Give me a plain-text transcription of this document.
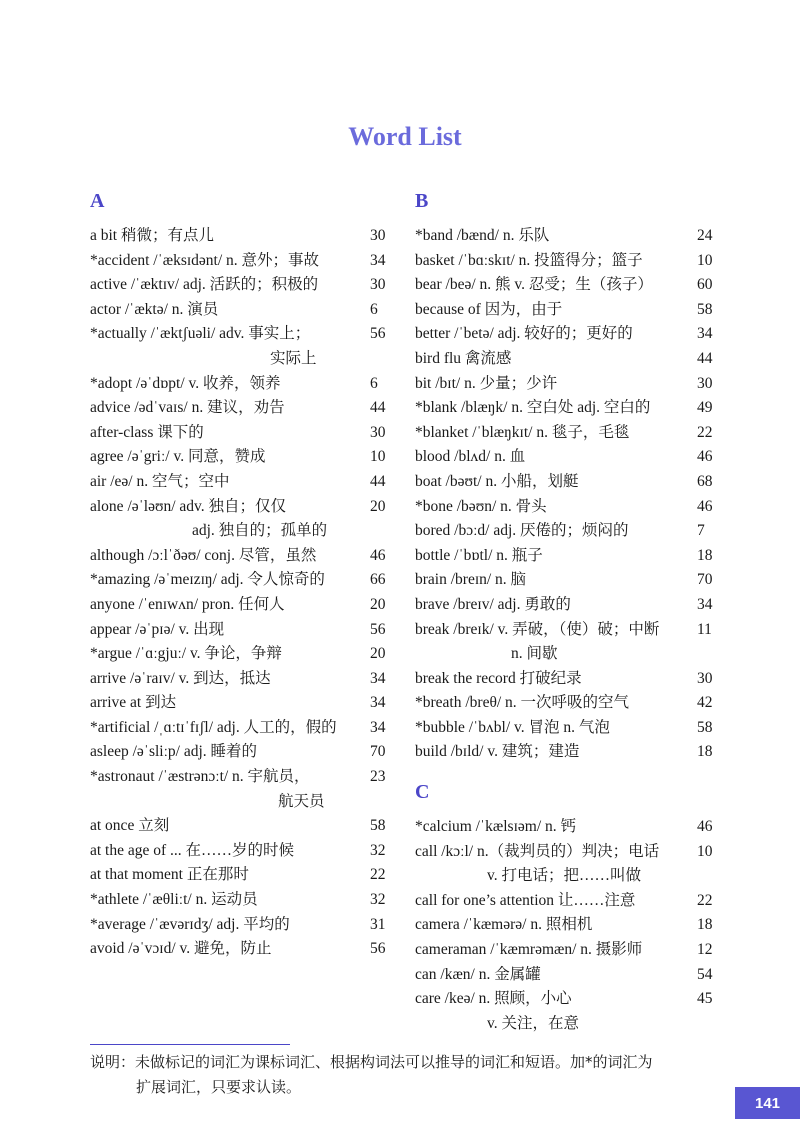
Word List
A
a bit 稍微；有点儿	30
*accident /ˈæksɪdənt/ n. 意外；事故	34
active /ˈæktɪv/ adj. 活跃的；积极的	30
actor /ˈæktə/ n. 演员	6
*actually /ˈæktʃuəli/ adv. 事实上；	56
实际上
*adopt /əˈdɒpt/ v. 收养，领养	6
advice /ədˈvaɪs/ n. 建议，劝告	44
after-class 课下的	30
agree /əˈgriː/ v. 同意，赞成	10
air /eə/ n. 空气；空中	44
alone /əˈləʊn/ adv. 独自；仅仅	20
adj. 独自的；孤单的
although /ɔːlˈðəʊ/ conj. 尽管，虽然	46
*amazing /əˈmeɪzɪŋ/ adj. 令人惊奇的	66
anyone /ˈenɪwʌn/ pron. 任何人	20
appear /əˈpɪə/ v. 出现	56
*argue /ˈɑːgjuː/ v. 争论，争辩	20
arrive /əˈraɪv/ v. 到达，抵达	34
arrive at 到达	34
*artificial /ˌɑːtɪˈfɪʃl/ adj. 人工的，假的	34
asleep /əˈsliːp/ adj. 睡着的	70
*astronaut /ˈæstrənɔːt/ n. 宇航员，	23
航天员
at once 立刻	58
at the age of ... 在……岁的时候	32
at that moment 正在那时	22
*athlete /ˈæθliːt/ n. 运动员	32
*average /ˈævərɪdʒ/ adj. 平均的	31
avoid /əˈvɔɪd/ v. 避免，防止	56
B
*band /bænd/ n. 乐队	24
basket /ˈbɑːskɪt/ n. 投篮得分；篮子	10
bear /beə/ n. 熊 v. 忍受；生（孩子）	60
because of 因为，由于	58
better /ˈbetə/ adj. 较好的；更好的	34
bird flu 禽流感	44
bit /bɪt/ n. 少量；少许	30
*blank /blæŋk/ n. 空白处 adj. 空白的	49
*blanket /ˈblæŋkɪt/ n. 毯子，毛毯	22
blood /blʌd/ n. 血	46
boat /bəʊt/ n. 小船，划艇	68
*bone /bəʊn/ n. 骨头	46
bored /bɔːd/ adj. 厌倦的；烦闷的	7
bottle /ˈbɒtl/ n. 瓶子	18
brain /breɪn/ n. 脑	70
brave /breɪv/ adj. 勇敢的	34
break /breɪk/ v. 弄破，（使）破；中断	11
n. 间歇
break the record 打破纪录	30
*breath /breθ/ n. 一次呼吸的空气	42
*bubble /ˈbʌbl/ v. 冒泡 n. 气泡	58
build /bɪld/ v. 建筑；建造	18
C
*calcium /ˈkælsɪəm/ n. 钙	46
call /kɔːl/ n.（裁判员的）判决；电话	10
v. 打电话；把……叫做
call for one’s attention 让……注意	22
camera /ˈkæmərə/ n. 照相机	18
cameraman /ˈkæmrəmæn/ n. 摄影师	12
can /kæn/ n. 金属罐	54
care /keə/ n. 照顾，小心	45
v. 关注，在意
说明：未做标记的词汇为课标词汇、根据构词法可以推导的词汇和短语。加*的词汇为
扩展词汇，只要求认读。
141
